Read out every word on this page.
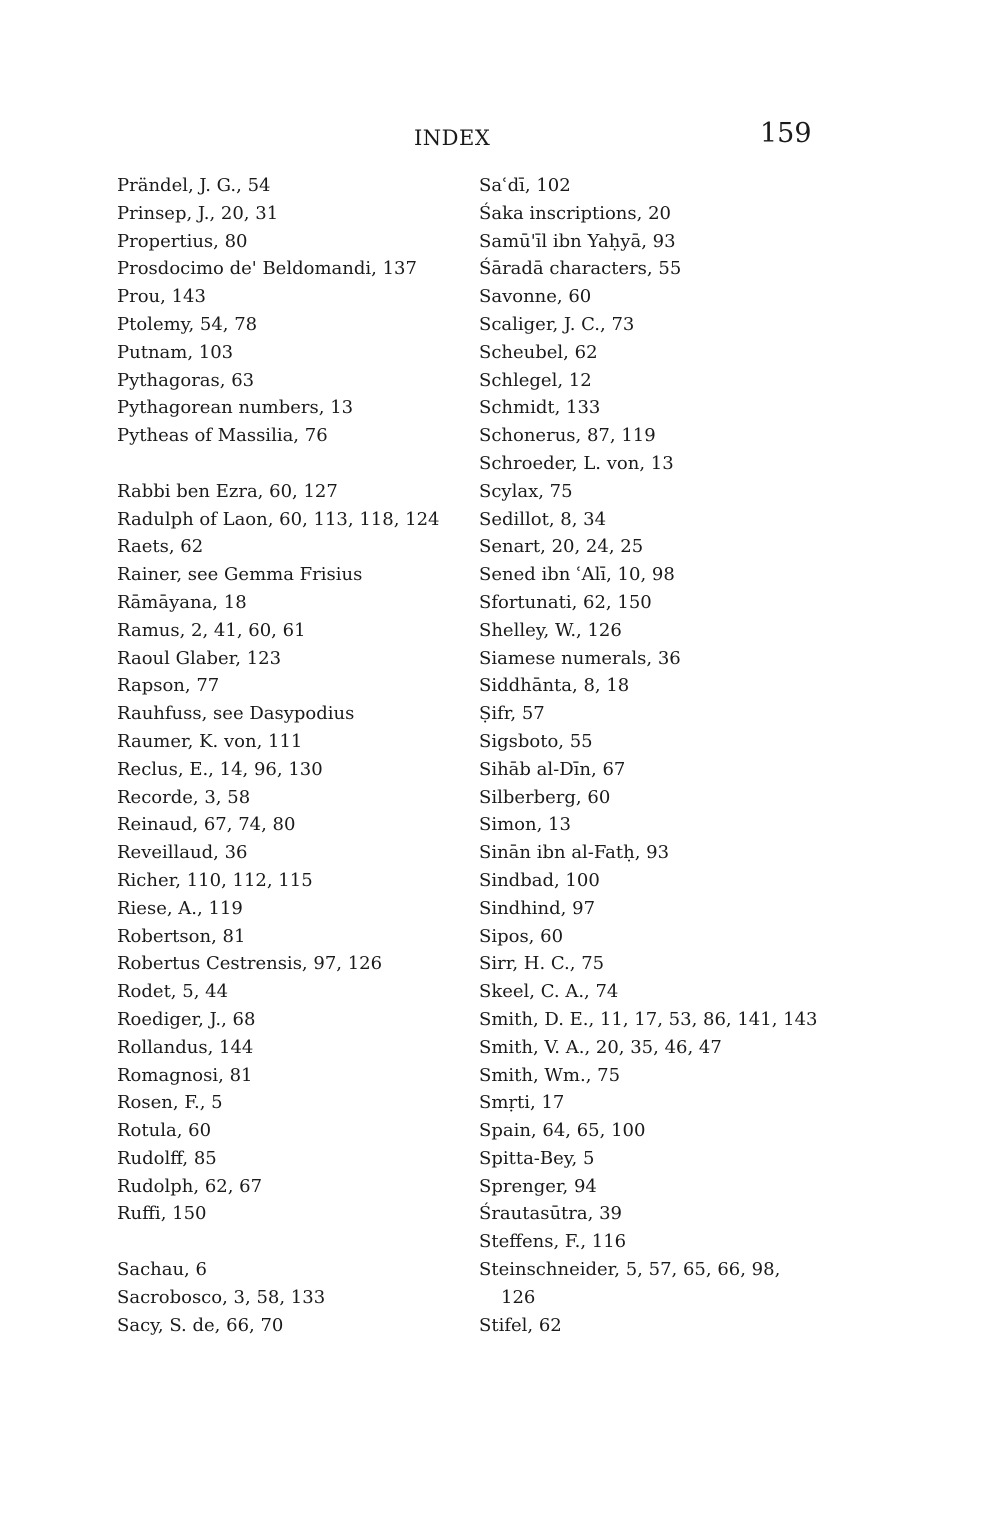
INDEX	159
Prändel, J. G., 54
Prinsep, J., 20, 31
Propertius, 80
Prosdocimo de' Beldomandi, 137
Prou, 143
Ptolemy, 54, 78
Putnam, 103
Pythagoras, 63
Pythagorean numbers, 13
Pytheas of Massilia, 76
Rabbi ben Ezra, 60, 127
Radulph of Laon, 60, 113, 118, 124
Raets, 62
Rainer, see Gemma Frisius
Rāmāyana, 18
Ramus, 2, 41, 60, 61
Raoul Glaber, 123
Rapson, 77
Rauhfuss, see Dasypodius
Raumer, K. von, 111
Reclus, E., 14, 96, 130
Recorde, 3, 58
Reinaud, 67, 74, 80
Reveillaud, 36
Richer, 110, 112, 115
Riese, A., 119
Robertson, 81
Robertus Cestrensis, 97, 126
Rodet, 5, 44
Roediger, J., 68
Rollandus, 144
Romagnosi, 81
Rosen, F., 5
Rotula, 60
Rudolff, 85
Rudolph, 62, 67
Ruffi, 150
Sachau, 6
Sacrobosco, 3, 58, 133
Sacy, S. de, 66, 70
Saʿdī, 102
Śaka inscriptions, 20
Samū'īl ibn Yaḥyā, 93
Śāradā characters, 55
Savonne, 60
Scaliger, J. C., 73
Scheubel, 62
Schlegel, 12
Schmidt, 133
Schonerus, 87, 119
Schroeder, L. von, 13
Scylax, 75
Sedillot, 8, 34
Senart, 20, 24, 25
Sened ibn ʿAlī, 10, 98
Sfortunati, 62, 150
Shelley, W., 126
Siamese numerals, 36
Siddhānta, 8, 18
Ṣifr, 57
Sigsboto, 55
Sihāb al-Dīn, 67
Silberberg, 60
Simon, 13
Sinān ibn al-Fatḥ, 93
Sindbad, 100
Sindhind, 97
Sipos, 60
Sirr, H. C., 75
Skeel, C. A., 74
Smith, D. E., 11, 17, 53, 86, 141, 143
Smith, V. A., 20, 35, 46, 47
Smith, Wm., 75
Smṛti, 17
Spain, 64, 65, 100
Spitta-Bey, 5
Sprenger, 94
Śrautasūtra, 39
Steffens, F., 116
Steinschneider, 5, 57, 65, 66, 98,
126
Stifel, 62
